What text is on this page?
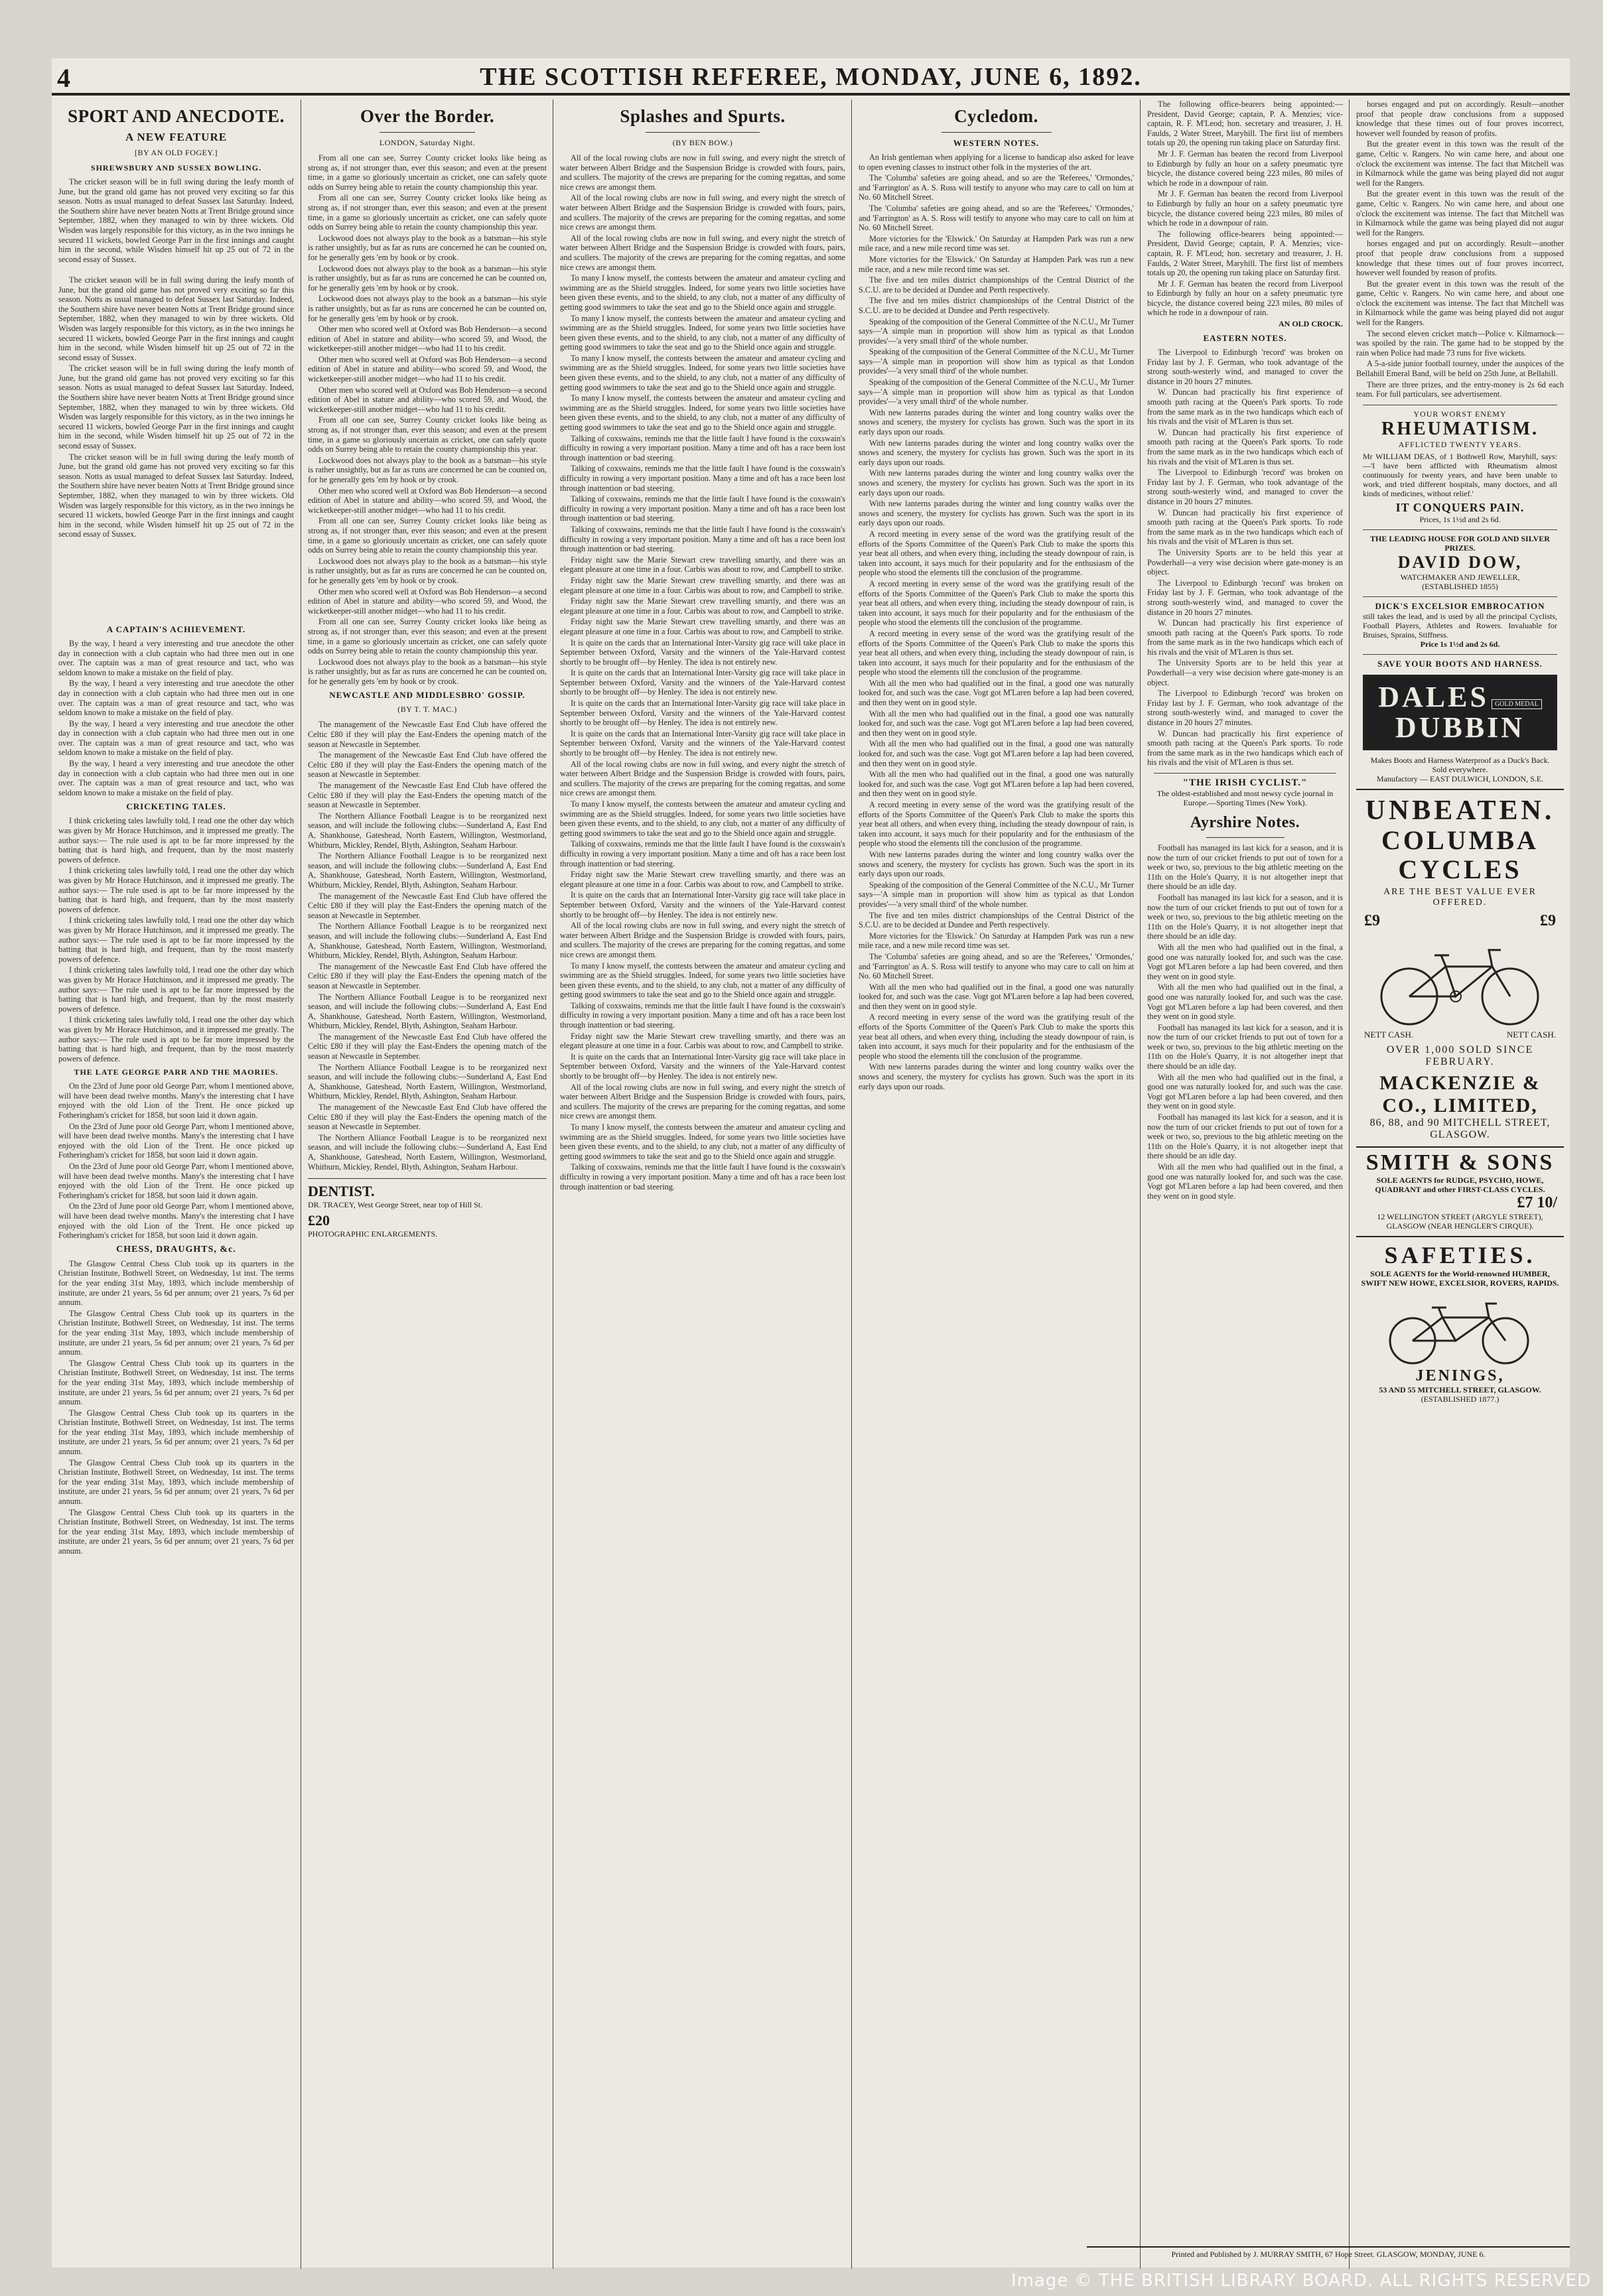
4	THE SCOTTISH REFEREE, MONDAY, JUNE 6, 1892.
SPORT AND ANECDOTE.
A NEW FEATURE
[BY AN OLD FOGEY.]
SHREWSBURY AND SUSSEX BOWLING.

The cricket season will be in full swing during the leafy month of June, but the grand old game has not proved very exciting so far this season. Notts as usual managed to defeat Sussex last Saturday. Indeed, the Southern shire have never beaten Notts at Trent Bridge ground since September, 1882, when they managed to win by three wickets. Old Wisden was largely responsible for this victory, as in the two innings he secured 11 wickets, bowled George Parr in the first innings and caught him in the second, while Wisden himself hit up 25 out of 72 in the second essay of Sussex.

The cricket season will be in full swing during the leafy month of June, but the grand old game has not proved very exciting so far this season. Notts as usual managed to defeat Sussex last Saturday. Indeed, the Southern shire have never beaten Notts at Trent Bridge ground since September, 1882, when they managed to win by three wickets. Old Wisden was largely responsible for this victory, as in the two innings he secured 11 wickets, bowled George Parr in the first innings and caught him in the second, while Wisden himself hit up 25 out of 72 in the second essay of Sussex.

The cricket season will be in full swing during the leafy month of June, but the grand old game has not proved very exciting so far this season. Notts as usual managed to defeat Sussex last Saturday. Indeed, the Southern shire have never beaten Notts at Trent Bridge ground since September, 1882, when they managed to win by three wickets. Old Wisden was largely responsible for this victory, as in the two innings he secured 11 wickets, bowled George Parr in the first innings and caught him in the second, while Wisden himself hit up 25 out of 72 in the second essay of Sussex.

The cricket season will be in full swing during the leafy month of June, but the grand old game has not proved very exciting so far this season. Notts as usual managed to defeat Sussex last Saturday. Indeed, the Southern shire have never beaten Notts at Trent Bridge ground since September, 1882, when they managed to win by three wickets. Old Wisden was largely responsible for this victory, as in the two innings he secured 11 wickets, bowled George Parr in the first innings and caught him in the second, while Wisden himself hit up 25 out of 72 in the second essay of Sussex.

A CAPTAIN'S ACHIEVEMENT.

By the way, I heard a very interesting and true anecdote the other day in connection with a club captain who had three men out in one over. The captain was a man of great resource and tact, who was seldom known to make a mistake on the field of play.

By the way, I heard a very interesting and true anecdote the other day in connection with a club captain who had three men out in one over. The captain was a man of great resource and tact, who was seldom known to make a mistake on the field of play.

By the way, I heard a very interesting and true anecdote the other day in connection with a club captain who had three men out in one over. The captain was a man of great resource and tact, who was seldom known to make a mistake on the field of play.

By the way, I heard a very interesting and true anecdote the other day in connection with a club captain who had three men out in one over. The captain was a man of great resource and tact, who was seldom known to make a mistake on the field of play.

CRICKETING TALES.

I think cricketing tales lawfully told, I read one the other day which was given by Mr Horace Hutchinson, and it impressed me greatly. The author says:— The rule used is apt to be far more impressed by the batting that is hard high, and frequent, than by the most masterly powers of defence.

I think cricketing tales lawfully told, I read one the other day which was given by Mr Horace Hutchinson, and it impressed me greatly. The author says:— The rule used is apt to be far more impressed by the batting that is hard high, and frequent, than by the most masterly powers of defence.

I think cricketing tales lawfully told, I read one the other day which was given by Mr Horace Hutchinson, and it impressed me greatly. The author says:— The rule used is apt to be far more impressed by the batting that is hard high, and frequent, than by the most masterly powers of defence.

I think cricketing tales lawfully told, I read one the other day which was given by Mr Horace Hutchinson, and it impressed me greatly. The author says:— The rule used is apt to be far more impressed by the batting that is hard high, and frequent, than by the most masterly powers of defence.

I think cricketing tales lawfully told, I read one the other day which was given by Mr Horace Hutchinson, and it impressed me greatly. The author says:— The rule used is apt to be far more impressed by the batting that is hard high, and frequent, than by the most masterly powers of defence.

THE LATE GEORGE PARR AND THE MAORIES.

On the 23rd of June poor old George Parr, whom I mentioned above, will have been dead twelve months. Many's the interesting chat I have enjoyed with the old Lion of the Trent. He once picked up Fotheringham's cricket for 1858, but soon laid it down again.

On the 23rd of June poor old George Parr, whom I mentioned above, will have been dead twelve months. Many's the interesting chat I have enjoyed with the old Lion of the Trent. He once picked up Fotheringham's cricket for 1858, but soon laid it down again.

On the 23rd of June poor old George Parr, whom I mentioned above, will have been dead twelve months. Many's the interesting chat I have enjoyed with the old Lion of the Trent. He once picked up Fotheringham's cricket for 1858, but soon laid it down again.

On the 23rd of June poor old George Parr, whom I mentioned above, will have been dead twelve months. Many's the interesting chat I have enjoyed with the old Lion of the Trent. He once picked up Fotheringham's cricket for 1858, but soon laid it down again.

CHESS, DRAUGHTS, &c.

The Glasgow Central Chess Club took up its quarters in the Christian Institute, Bothwell Street, on Wednesday, 1st inst. The terms for the year ending 31st May, 1893, which include membership of institute, are under 21 years, 5s 6d per annum; over 21 years, 7s 6d per annum.

The Glasgow Central Chess Club took up its quarters in the Christian Institute, Bothwell Street, on Wednesday, 1st inst. The terms for the year ending 31st May, 1893, which include membership of institute, are under 21 years, 5s 6d per annum; over 21 years, 7s 6d per annum.

The Glasgow Central Chess Club took up its quarters in the Christian Institute, Bothwell Street, on Wednesday, 1st inst. The terms for the year ending 31st May, 1893, which include membership of institute, are under 21 years, 5s 6d per annum; over 21 years, 7s 6d per annum.

The Glasgow Central Chess Club took up its quarters in the Christian Institute, Bothwell Street, on Wednesday, 1st inst. The terms for the year ending 31st May, 1893, which include membership of institute, are under 21 years, 5s 6d per annum; over 21 years, 7s 6d per annum.

The Glasgow Central Chess Club took up its quarters in the Christian Institute, Bothwell Street, on Wednesday, 1st inst. The terms for the year ending 31st May, 1893, which include membership of institute, are under 21 years, 5s 6d per annum; over 21 years, 7s 6d per annum.

The Glasgow Central Chess Club took up its quarters in the Christian Institute, Bothwell Street, on Wednesday, 1st inst. The terms for the year ending 31st May, 1893, which include membership of institute, are under 21 years, 5s 6d per annum; over 21 years, 7s 6d per annum.

Over the Border.
LONDON, Saturday Night.

From all one can see, Surrey County cricket looks like being as strong as, if not stronger than, ever this season; and even at the present time, in a game so gloriously uncertain as cricket, one can safely quote odds on Surrey being able to retain the county championship this year.

From all one can see, Surrey County cricket looks like being as strong as, if not stronger than, ever this season; and even at the present time, in a game so gloriously uncertain as cricket, one can safely quote odds on Surrey being able to retain the county championship this year.

Lockwood does not always play to the book as a batsman—his style is rather unsightly, but as far as runs are concerned he can be counted on, for he generally gets 'em by hook or by crook.

Lockwood does not always play to the book as a batsman—his style is rather unsightly, but as far as runs are concerned he can be counted on, for he generally gets 'em by hook or by crook.

Lockwood does not always play to the book as a batsman—his style is rather unsightly, but as far as runs are concerned he can be counted on, for he generally gets 'em by hook or by crook.

Other men who scored well at Oxford was Bob Henderson—a second edition of Abel in stature and ability—who scored 59, and Wood, the wicketkeeper-still another midget—who had 11 to his credit.

Other men who scored well at Oxford was Bob Henderson—a second edition of Abel in stature and ability—who scored 59, and Wood, the wicketkeeper-still another midget—who had 11 to his credit.

Other men who scored well at Oxford was Bob Henderson—a second edition of Abel in stature and ability—who scored 59, and Wood, the wicketkeeper-still another midget—who had 11 to his credit.

From all one can see, Surrey County cricket looks like being as strong as, if not stronger than, ever this season; and even at the present time, in a game so gloriously uncertain as cricket, one can safely quote odds on Surrey being able to retain the county championship this year.

Lockwood does not always play to the book as a batsman—his style is rather unsightly, but as far as runs are concerned he can be counted on, for he generally gets 'em by hook or by crook.

Other men who scored well at Oxford was Bob Henderson—a second edition of Abel in stature and ability—who scored 59, and Wood, the wicketkeeper-still another midget—who had 11 to his credit.

From all one can see, Surrey County cricket looks like being as strong as, if not stronger than, ever this season; and even at the present time, in a game so gloriously uncertain as cricket, one can safely quote odds on Surrey being able to retain the county championship this year.

Lockwood does not always play to the book as a batsman—his style is rather unsightly, but as far as runs are concerned he can be counted on, for he generally gets 'em by hook or by crook.

Other men who scored well at Oxford was Bob Henderson—a second edition of Abel in stature and ability—who scored 59, and Wood, the wicketkeeper-still another midget—who had 11 to his credit.

From all one can see, Surrey County cricket looks like being as strong as, if not stronger than, ever this season; and even at the present time, in a game so gloriously uncertain as cricket, one can safely quote odds on Surrey being able to retain the county championship this year.

Lockwood does not always play to the book as a batsman—his style is rather unsightly, but as far as runs are concerned he can be counted on, for he generally gets 'em by hook or by crook.

NEWCASTLE AND MIDDLESBRO' GOSSIP.
(BY T. T. MAC.)

The management of the Newcastle East End Club have offered the Celtic £80 if they will play the East-Enders the opening match of the season at Newcastle in September.

The management of the Newcastle East End Club have offered the Celtic £80 if they will play the East-Enders the opening match of the season at Newcastle in September.

The management of the Newcastle East End Club have offered the Celtic £80 if they will play the East-Enders the opening match of the season at Newcastle in September.

The Northern Alliance Football League is to be reorganized next season, and will include the following clubs:—Sunderland A, East End A, Shankhouse, Gateshead, North Eastern, Willington, Westmorland, Whitburn, Mickley, Rendel, Blyth, Ashington, Seaham Harbour.

The Northern Alliance Football League is to be reorganized next season, and will include the following clubs:—Sunderland A, East End A, Shankhouse, Gateshead, North Eastern, Willington, Westmorland, Whitburn, Mickley, Rendel, Blyth, Ashington, Seaham Harbour.

The management of the Newcastle East End Club have offered the Celtic £80 if they will play the East-Enders the opening match of the season at Newcastle in September.

The Northern Alliance Football League is to be reorganized next season, and will include the following clubs:—Sunderland A, East End A, Shankhouse, Gateshead, North Eastern, Willington, Westmorland, Whitburn, Mickley, Rendel, Blyth, Ashington, Seaham Harbour.

The management of the Newcastle East End Club have offered the Celtic £80 if they will play the East-Enders the opening match of the season at Newcastle in September.

The Northern Alliance Football League is to be reorganized next season, and will include the following clubs:—Sunderland A, East End A, Shankhouse, Gateshead, North Eastern, Willington, Westmorland, Whitburn, Mickley, Rendel, Blyth, Ashington, Seaham Harbour.

The management of the Newcastle East End Club have offered the Celtic £80 if they will play the East-Enders the opening match of the season at Newcastle in September.

The Northern Alliance Football League is to be reorganized next season, and will include the following clubs:—Sunderland A, East End A, Shankhouse, Gateshead, North Eastern, Willington, Westmorland, Whitburn, Mickley, Rendel, Blyth, Ashington, Seaham Harbour.

The management of the Newcastle East End Club have offered the Celtic £80 if they will play the East-Enders the opening match of the season at Newcastle in September.

The Northern Alliance Football League is to be reorganized next season, and will include the following clubs:—Sunderland A, East End A, Shankhouse, Gateshead, North Eastern, Willington, Westmorland, Whitburn, Mickley, Rendel, Blyth, Ashington, Seaham Harbour.

DENTIST.
DR. TRACEY, West George Street, near top of Hill St.
£20
PHOTOGRAPHIC ENLARGEMENTS.
Splashes and Spurts.
(BY BEN BOW.)

All of the local rowing clubs are now in full swing, and every night the stretch of water between Albert Bridge and the Suspension Bridge is crowded with fours, pairs, and scullers. The majority of the crews are preparing for the coming regattas, and some nice crews are amongst them.

All of the local rowing clubs are now in full swing, and every night the stretch of water between Albert Bridge and the Suspension Bridge is crowded with fours, pairs, and scullers. The majority of the crews are preparing for the coming regattas, and some nice crews are amongst them.

All of the local rowing clubs are now in full swing, and every night the stretch of water between Albert Bridge and the Suspension Bridge is crowded with fours, pairs, and scullers. The majority of the crews are preparing for the coming regattas, and some nice crews are amongst them.

To many I know myself, the contests between the amateur and amateur cycling and swimming are as the Shield struggles. Indeed, for some years two little societies have been given these events, and to the shield, to any club, not a matter of any difficulty of getting good swimmers to take the seat and go to the Shield once again and struggle.

To many I know myself, the contests between the amateur and amateur cycling and swimming are as the Shield struggles. Indeed, for some years two little societies have been given these events, and to the shield, to any club, not a matter of any difficulty of getting good swimmers to take the seat and go to the Shield once again and struggle.

To many I know myself, the contests between the amateur and amateur cycling and swimming are as the Shield struggles. Indeed, for some years two little societies have been given these events, and to the shield, to any club, not a matter of any difficulty of getting good swimmers to take the seat and go to the Shield once again and struggle.

To many I know myself, the contests between the amateur and amateur cycling and swimming are as the Shield struggles. Indeed, for some years two little societies have been given these events, and to the shield, to any club, not a matter of any difficulty of getting good swimmers to take the seat and go to the Shield once again and struggle.

Talking of coxswains, reminds me that the little fault I have found is the coxswain's difficulty in rowing a very important position. Many a time and oft has a race been lost through inattention or bad steering.

Talking of coxswains, reminds me that the little fault I have found is the coxswain's difficulty in rowing a very important position. Many a time and oft has a race been lost through inattention or bad steering.

Talking of coxswains, reminds me that the little fault I have found is the coxswain's difficulty in rowing a very important position. Many a time and oft has a race been lost through inattention or bad steering.

Talking of coxswains, reminds me that the little fault I have found is the coxswain's difficulty in rowing a very important position. Many a time and oft has a race been lost through inattention or bad steering.

Friday night saw the Marie Stewart crew travelling smartly, and there was an elegant pleasure at one time in a four. Carbis was about to row, and Campbell to strike.

Friday night saw the Marie Stewart crew travelling smartly, and there was an elegant pleasure at one time in a four. Carbis was about to row, and Campbell to strike.

Friday night saw the Marie Stewart crew travelling smartly, and there was an elegant pleasure at one time in a four. Carbis was about to row, and Campbell to strike.

Friday night saw the Marie Stewart crew travelling smartly, and there was an elegant pleasure at one time in a four. Carbis was about to row, and Campbell to strike.

It is quite on the cards that an International Inter-Varsity gig race will take place in September between Oxford, Varsity and the winners of the Yale-Harvard contest shortly to be brought off—by Henley. The idea is not entirely new.

It is quite on the cards that an International Inter-Varsity gig race will take place in September between Oxford, Varsity and the winners of the Yale-Harvard contest shortly to be brought off—by Henley. The idea is not entirely new.

It is quite on the cards that an International Inter-Varsity gig race will take place in September between Oxford, Varsity and the winners of the Yale-Harvard contest shortly to be brought off—by Henley. The idea is not entirely new.

It is quite on the cards that an International Inter-Varsity gig race will take place in September between Oxford, Varsity and the winners of the Yale-Harvard contest shortly to be brought off—by Henley. The idea is not entirely new.

All of the local rowing clubs are now in full swing, and every night the stretch of water between Albert Bridge and the Suspension Bridge is crowded with fours, pairs, and scullers. The majority of the crews are preparing for the coming regattas, and some nice crews are amongst them.

To many I know myself, the contests between the amateur and amateur cycling and swimming are as the Shield struggles. Indeed, for some years two little societies have been given these events, and to the shield, to any club, not a matter of any difficulty of getting good swimmers to take the seat and go to the Shield once again and struggle.

Talking of coxswains, reminds me that the little fault I have found is the coxswain's difficulty in rowing a very important position. Many a time and oft has a race been lost through inattention or bad steering.

Friday night saw the Marie Stewart crew travelling smartly, and there was an elegant pleasure at one time in a four. Carbis was about to row, and Campbell to strike.

It is quite on the cards that an International Inter-Varsity gig race will take place in September between Oxford, Varsity and the winners of the Yale-Harvard contest shortly to be brought off—by Henley. The idea is not entirely new.

All of the local rowing clubs are now in full swing, and every night the stretch of water between Albert Bridge and the Suspension Bridge is crowded with fours, pairs, and scullers. The majority of the crews are preparing for the coming regattas, and some nice crews are amongst them.

To many I know myself, the contests between the amateur and amateur cycling and swimming are as the Shield struggles. Indeed, for some years two little societies have been given these events, and to the shield, to any club, not a matter of any difficulty of getting good swimmers to take the seat and go to the Shield once again and struggle.

Talking of coxswains, reminds me that the little fault I have found is the coxswain's difficulty in rowing a very important position. Many a time and oft has a race been lost through inattention or bad steering.

Friday night saw the Marie Stewart crew travelling smartly, and there was an elegant pleasure at one time in a four. Carbis was about to row, and Campbell to strike.

It is quite on the cards that an International Inter-Varsity gig race will take place in September between Oxford, Varsity and the winners of the Yale-Harvard contest shortly to be brought off—by Henley. The idea is not entirely new.

All of the local rowing clubs are now in full swing, and every night the stretch of water between Albert Bridge and the Suspension Bridge is crowded with fours, pairs, and scullers. The majority of the crews are preparing for the coming regattas, and some nice crews are amongst them.

To many I know myself, the contests between the amateur and amateur cycling and swimming are as the Shield struggles. Indeed, for some years two little societies have been given these events, and to the shield, to any club, not a matter of any difficulty of getting good swimmers to take the seat and go to the Shield once again and struggle.

Talking of coxswains, reminds me that the little fault I have found is the coxswain's difficulty in rowing a very important position. Many a time and oft has a race been lost through inattention or bad steering.

Cycledom.
WESTERN NOTES.

An Irish gentleman when applying for a license to handicap also asked for leave to open evening classes to instruct other folk in the mysteries of the art.

The 'Columba' safeties are going ahead, and so are the 'Referees,' 'Ormondes,' and 'Farrington' as A. S. Ross will testify to anyone who may care to call on him at No. 60 Mitchell Street.

The 'Columba' safeties are going ahead, and so are the 'Referees,' 'Ormondes,' and 'Farrington' as A. S. Ross will testify to anyone who may care to call on him at No. 60 Mitchell Street.

More victories for the 'Elswick.' On Saturday at Hampden Park was run a new mile race, and a new mile record time was set.

More victories for the 'Elswick.' On Saturday at Hampden Park was run a new mile race, and a new mile record time was set.

The five and ten miles district championships of the Central District of the S.C.U. are to be decided at Dundee and Perth respectively.

The five and ten miles district championships of the Central District of the S.C.U. are to be decided at Dundee and Perth respectively.

Speaking of the composition of the General Committee of the N.C.U., Mr Turner says—'A simple man in proportion will show him as typical as that London provides'—'a very small third' of the whole number.

Speaking of the composition of the General Committee of the N.C.U., Mr Turner says—'A simple man in proportion will show him as typical as that London provides'—'a very small third' of the whole number.

Speaking of the composition of the General Committee of the N.C.U., Mr Turner says—'A simple man in proportion will show him as typical as that London provides'—'a very small third' of the whole number.

With new lanterns parades during the winter and long country walks over the snows and scenery, the mystery for cyclists has grown. Such was the sport in its early days upon our roads.

With new lanterns parades during the winter and long country walks over the snows and scenery, the mystery for cyclists has grown. Such was the sport in its early days upon our roads.

With new lanterns parades during the winter and long country walks over the snows and scenery, the mystery for cyclists has grown. Such was the sport in its early days upon our roads.

With new lanterns parades during the winter and long country walks over the snows and scenery, the mystery for cyclists has grown. Such was the sport in its early days upon our roads.

A record meeting in every sense of the word was the gratifying result of the efforts of the Sports Committee of the Queen's Park Club to make the sports this year beat all others, and when every thing, including the steady downpour of rain, is taken into account, it says much for their popularity and for the enthusiasm of the people who stood the elements till the conclusion of the programme.

A record meeting in every sense of the word was the gratifying result of the efforts of the Sports Committee of the Queen's Park Club to make the sports this year beat all others, and when every thing, including the steady downpour of rain, is taken into account, it says much for their popularity and for the enthusiasm of the people who stood the elements till the conclusion of the programme.

A record meeting in every sense of the word was the gratifying result of the efforts of the Sports Committee of the Queen's Park Club to make the sports this year beat all others, and when every thing, including the steady downpour of rain, is taken into account, it says much for their popularity and for the enthusiasm of the people who stood the elements till the conclusion of the programme.

With all the men who had qualified out in the final, a good one was naturally looked for, and such was the case. Vogt got M'Laren before a lap had been covered, and then they went on in good style.

With all the men who had qualified out in the final, a good one was naturally looked for, and such was the case. Vogt got M'Laren before a lap had been covered, and then they went on in good style.

With all the men who had qualified out in the final, a good one was naturally looked for, and such was the case. Vogt got M'Laren before a lap had been covered, and then they went on in good style.

With all the men who had qualified out in the final, a good one was naturally looked for, and such was the case. Vogt got M'Laren before a lap had been covered, and then they went on in good style.

A record meeting in every sense of the word was the gratifying result of the efforts of the Sports Committee of the Queen's Park Club to make the sports this year beat all others, and when every thing, including the steady downpour of rain, is taken into account, it says much for their popularity and for the enthusiasm of the people who stood the elements till the conclusion of the programme.

With new lanterns parades during the winter and long country walks over the snows and scenery, the mystery for cyclists has grown. Such was the sport in its early days upon our roads.

Speaking of the composition of the General Committee of the N.C.U., Mr Turner says—'A simple man in proportion will show him as typical as that London provides'—'a very small third' of the whole number.

The five and ten miles district championships of the Central District of the S.C.U. are to be decided at Dundee and Perth respectively.

More victories for the 'Elswick.' On Saturday at Hampden Park was run a new mile race, and a new mile record time was set.

The 'Columba' safeties are going ahead, and so are the 'Referees,' 'Ormondes,' and 'Farrington' as A. S. Ross will testify to anyone who may care to call on him at No. 60 Mitchell Street.

With all the men who had qualified out in the final, a good one was naturally looked for, and such was the case. Vogt got M'Laren before a lap had been covered, and then they went on in good style.

A record meeting in every sense of the word was the gratifying result of the efforts of the Sports Committee of the Queen's Park Club to make the sports this year beat all others, and when every thing, including the steady downpour of rain, is taken into account, it says much for their popularity and for the enthusiasm of the people who stood the elements till the conclusion of the programme.

With new lanterns parades during the winter and long country walks over the snows and scenery, the mystery for cyclists has grown. Such was the sport in its early days upon our roads.

The following office-bearers being appointed:—President, David George; captain, P. A. Menzies; vice-captain, R. F. M'Leod; hon. secretary and treasurer, J. H. Faulds, 2 Water Street, Maryhill. The first list of members totals up 20, the opening run taking place on Saturday first.

Mr J. F. German has beaten the record from Liverpool to Edinburgh by fully an hour on a safety pneumatic tyre bicycle, the distance covered being 223 miles, 80 miles of which he rode in a downpour of rain.

Mr J. F. German has beaten the record from Liverpool to Edinburgh by fully an hour on a safety pneumatic tyre bicycle, the distance covered being 223 miles, 80 miles of which he rode in a downpour of rain.

The following office-bearers being appointed:—President, David George; captain, P. A. Menzies; vice-captain, R. F. M'Leod; hon. secretary and treasurer, J. H. Faulds, 2 Water Street, Maryhill. The first list of members totals up 20, the opening run taking place on Saturday first.

Mr J. F. German has beaten the record from Liverpool to Edinburgh by fully an hour on a safety pneumatic tyre bicycle, the distance covered being 223 miles, 80 miles of which he rode in a downpour of rain.

AN OLD CROCK.
EASTERN NOTES.

The Liverpool to Edinburgh 'record' was broken on Friday last by J. F. German, who took advantage of the strong south-westerly wind, and managed to cover the distance in 20 hours 27 minutes.

W. Duncan had practically his first experience of smooth path racing at the Queen's Park sports. To rode from the same mark as in the two handicaps which each of his rivals and the visit of M'Laren is thus set.

W. Duncan had practically his first experience of smooth path racing at the Queen's Park sports. To rode from the same mark as in the two handicaps which each of his rivals and the visit of M'Laren is thus set.

The Liverpool to Edinburgh 'record' was broken on Friday last by J. F. German, who took advantage of the strong south-westerly wind, and managed to cover the distance in 20 hours 27 minutes.

W. Duncan had practically his first experience of smooth path racing at the Queen's Park sports. To rode from the same mark as in the two handicaps which each of his rivals and the visit of M'Laren is thus set.

The University Sports are to be held this year at Powderhall—a very wise decision where gate-money is an object.

The Liverpool to Edinburgh 'record' was broken on Friday last by J. F. German, who took advantage of the strong south-westerly wind, and managed to cover the distance in 20 hours 27 minutes.

W. Duncan had practically his first experience of smooth path racing at the Queen's Park sports. To rode from the same mark as in the two handicaps which each of his rivals and the visit of M'Laren is thus set.

The University Sports are to be held this year at Powderhall—a very wise decision where gate-money is an object.

The Liverpool to Edinburgh 'record' was broken on Friday last by J. F. German, who took advantage of the strong south-westerly wind, and managed to cover the distance in 20 hours 27 minutes.

W. Duncan had practically his first experience of smooth path racing at the Queen's Park sports. To rode from the same mark as in the two handicaps which each of his rivals and the visit of M'Laren is thus set.

"THE IRISH CYCLIST."
The oldest-established and most newsy cycle journal in Europe.—Sporting Times (New York).
Ayrshire Notes.

Football has managed its last kick for a season, and it is now the turn of our cricket friends to put out of town for a week or two, so, previous to the big athletic meeting on the 11th on the Hole's Quarry, it is not altogether inept that there should be an idle day.

Football has managed its last kick for a season, and it is now the turn of our cricket friends to put out of town for a week or two, so, previous to the big athletic meeting on the 11th on the Hole's Quarry, it is not altogether inept that there should be an idle day.

With all the men who had qualified out in the final, a good one was naturally looked for, and such was the case. Vogt got M'Laren before a lap had been covered, and then they went on in good style.

With all the men who had qualified out in the final, a good one was naturally looked for, and such was the case. Vogt got M'Laren before a lap had been covered, and then they went on in good style.

Football has managed its last kick for a season, and it is now the turn of our cricket friends to put out of town for a week or two, so, previous to the big athletic meeting on the 11th on the Hole's Quarry, it is not altogether inept that there should be an idle day.

With all the men who had qualified out in the final, a good one was naturally looked for, and such was the case. Vogt got M'Laren before a lap had been covered, and then they went on in good style.

Football has managed its last kick for a season, and it is now the turn of our cricket friends to put out of town for a week or two, so, previous to the big athletic meeting on the 11th on the Hole's Quarry, it is not altogether inept that there should be an idle day.

With all the men who had qualified out in the final, a good one was naturally looked for, and such was the case. Vogt got M'Laren before a lap had been covered, and then they went on in good style.

horses engaged and put on accordingly. Result—another proof that people draw conclusions from a supposed knowledge that these times out of four proves incorrect, however well founded by reason of profits.

But the greater event in this town was the result of the game, Celtic v. Rangers. No win came here, and about one o'clock the excitement was intense. The fact that Mitchell was in Kilmarnock while the game was being played did not augur well for the Rangers.

But the greater event in this town was the result of the game, Celtic v. Rangers. No win came here, and about one o'clock the excitement was intense. The fact that Mitchell was in Kilmarnock while the game was being played did not augur well for the Rangers.

horses engaged and put on accordingly. Result—another proof that people draw conclusions from a supposed knowledge that these times out of four proves incorrect, however well founded by reason of profits.

But the greater event in this town was the result of the game, Celtic v. Rangers. No win came here, and about one o'clock the excitement was intense. The fact that Mitchell was in Kilmarnock while the game was being played did not augur well for the Rangers.

The second eleven cricket match—Police v. Kilmarnock—was spoiled by the rain. The game had to be stopped by the rain when Police had made 73 runs for five wickets.

A 5-a-side junior football tourney, under the auspices of the Bellahill Emeral Band, will be held on 25th June, at Bellahill.

There are three prizes, and the entry-money is 2s 6d each team. For full particulars, see advertisement.

YOUR WORST ENEMY
RHEUMATISM.
AFFLICTED TWENTY YEARS.
Mr WILLIAM DEAS, of 1 Bothwell Row, Maryhill, says:—'I have been afflicted with Rheumatism almost continuously for twenty years, and have been unable to work, and tried different hospitals, many doctors, and all kinds of medicines, without relief.'
IT CONQUERS PAIN.
Prices, 1s 1½d and 2s 6d.
THE LEADING HOUSE FOR GOLD AND SILVER PRIZES.
DAVID DOW,
WATCHMAKER AND JEWELLER,
(ESTABLISHED 1855)
DICK'S EXCELSIOR EMBROCATION
still takes the lead, and is used by all the principal Cyclists, Football Players, Athletes and Rowers. Invaluable for Bruises, Sprains, Stiffness.
Price 1s 1½d and 2s 6d.
SAVE YOUR BOOTS AND HARNESS.
DALES GOLD MEDAL
DUBBIN
Makes Boots and Harness Waterproof as a Duck's Back. Sold everywhere.
Manufactory — EAST DULWICH, LONDON, S.E.
UNBEATEN.
COLUMBA CYCLES
ARE THE BEST VALUE EVER OFFERED.
£9	£9
NETT CASH.	NETT CASH.
OVER 1,000 SOLD SINCE FEBRUARY.
MACKENZIE & CO., LIMITED,
86, 88, and 90 MITCHELL STREET, GLASGOW.
SMITH & SONS
SOLE AGENTS for RUDGE, PSYCHO, HOWE, QUADRANT and other FIRST-CLASS CYCLES.
£7 10/
12 WELLINGTON STREET (ARGYLE STREET), GLASGOW (NEAR HENGLER'S CIRQUE).
SAFETIES.
SOLE AGENTS for the World-renowned HUMBER, SWIFT NEW HOWE, EXCELSIOR, ROVERS, RAPIDS.
JENINGS,
53 AND 55 MITCHELL STREET, GLASGOW.
(ESTABLISHED 1877.)
Printed and Published by J. MURRAY SMITH, 67 Hope Street. GLASGOW, MONDAY, JUNE 6.
Image © THE BRITISH LIBRARY BOARD. ALL RIGHTS RESERVED
